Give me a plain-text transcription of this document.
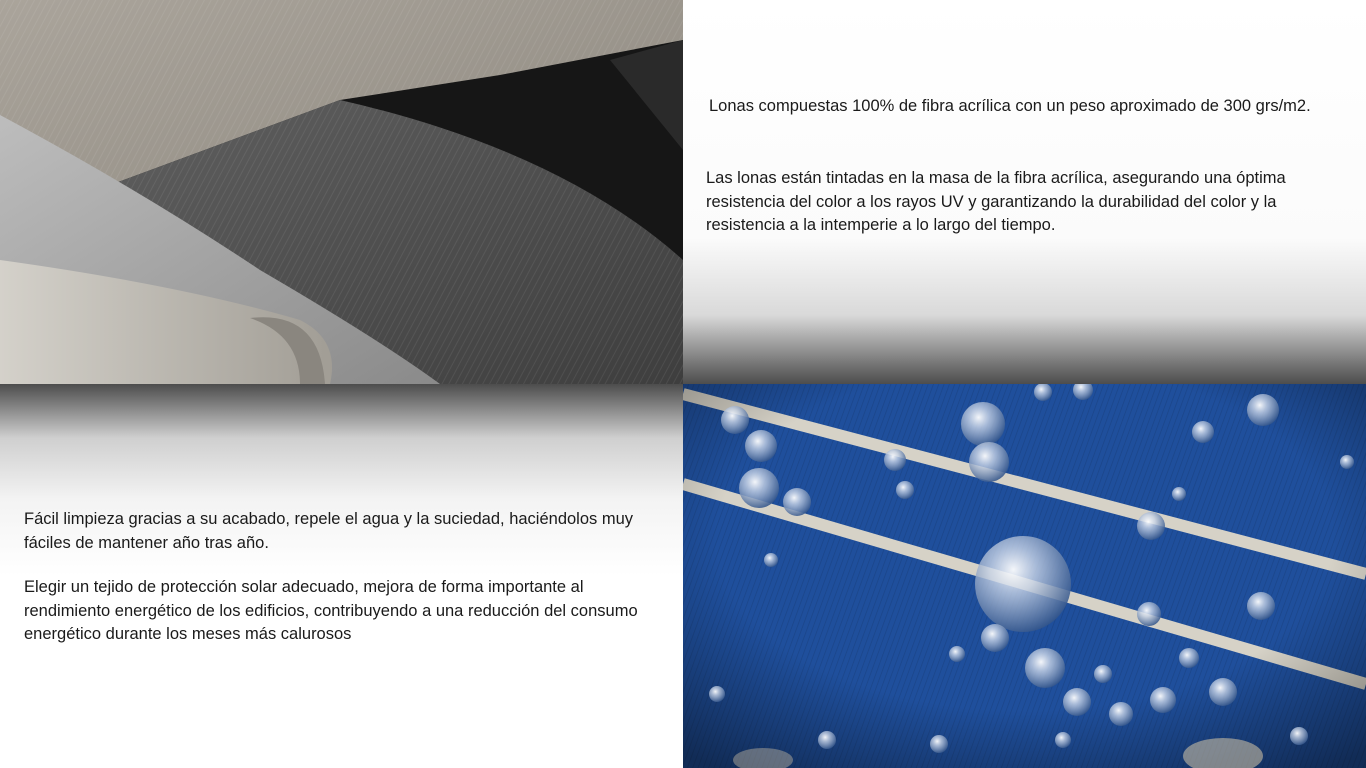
Lonas compuestas 100% de fibra acrílica con un peso aproximado de 300 grs/m2.

Las lonas están tintadas en la masa de la fibra acrílica, asegurando una óptima resistencia del color a los rayos UV y garantizando la durabilidad del color y la resistencia a la intemperie a lo largo del tiempo.

Fácil limpieza gracias a su acabado, repele el agua y la suciedad, haciéndolos muy fáciles de mantener año tras año.

Elegir un tejido de protección solar adecuado, mejora de forma importante al rendimiento energético de los edificios, contribuyendo a una reducción del consumo energético durante los meses más calurosos
